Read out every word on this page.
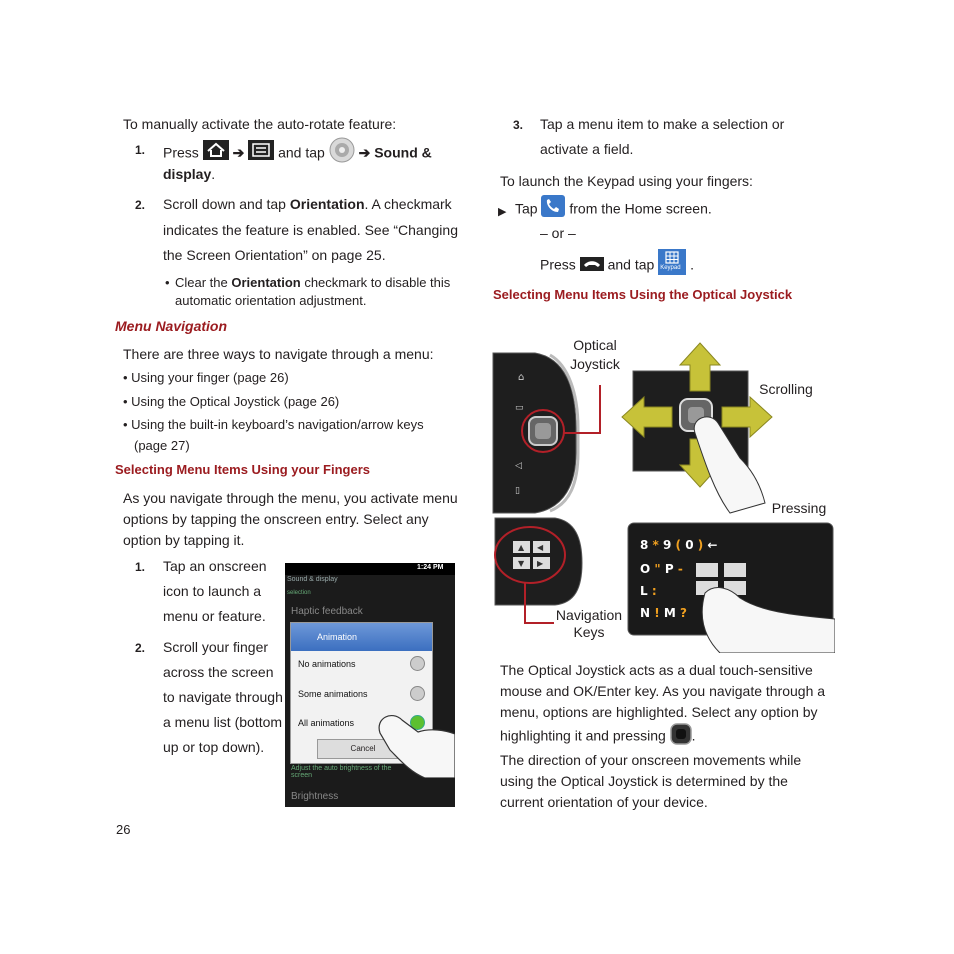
To manually activate the auto-rotate feature:
1. Press ➔ and tap ➔ Sound &
display.
2. Scroll down and tap Orientation. A checkmark
indicates the feature is enabled. See “Changing
the Screen Orientation” on page 25.
• Clear the Orientation checkmark to disable this
automatic orientation adjustment.
Menu Navigation
There are three ways to navigate through a menu:
• Using your finger (page 26)
• Using the Optical Joystick (page 26)
• Using the built-in keyboard’s navigation/arrow keys
(page 27)
Selecting Menu Items Using your Fingers
As you navigate through the menu, you activate menu
options by tapping the onscreen entry. Select any
option by tapping it.
1. Tap an onscreen
icon to launch a
menu or feature.
2. Scroll your finger
across the screen
to navigate through
a menu list (bottom
up or top down).
1:24 PM
Sound & display
selection
Haptic feedback
Animation
No animations
Some animations
All animations
Cancel
Adjust the auto brightness of the screen
Brightness
26
3. Tap a menu item to make a selection or
activate a field.
To launch the Keypad using your fingers:
▶ Tap from the Home screen.
– or –
Press and tap Keypad .
Selecting Menu Items Using the Optical Joystick
⌂
▭
◁
▯
▲
▼
◀
▶
8 * 9 ( 0 ) ←
O " P -
L :
N ! M ?
Optical
Joystick
Scrolling
Pressing
Navigation
Keys
The Optical Joystick acts as a dual touch-sensitive
mouse and OK/Enter key. As you navigate through a
menu, options are highlighted. Select any option by
highlighting it and pressing .
The direction of your onscreen movements while
using the Optical Joystick is determined by the
current orientation of your device.
